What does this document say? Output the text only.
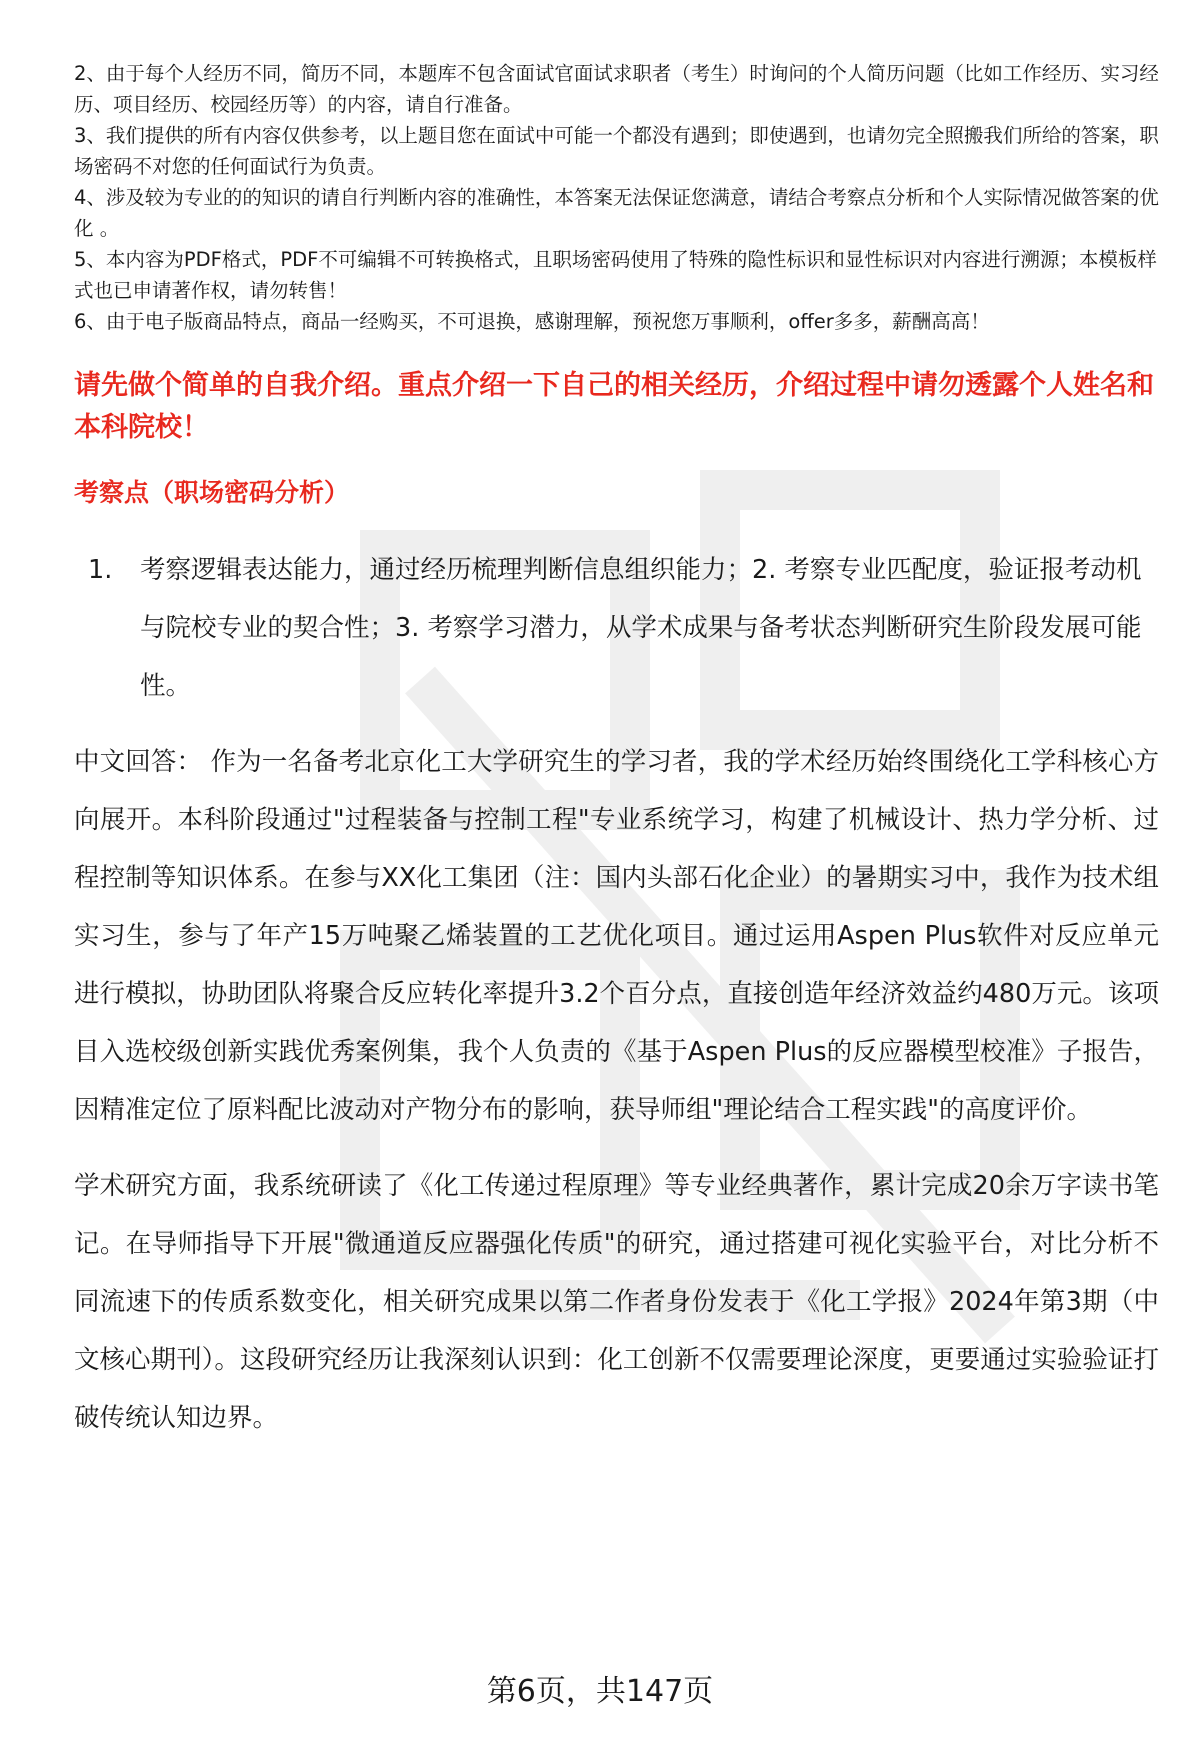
2、由于每个人经历不同，简历不同，本题库不包含面试官面试求职者（考生）时询问的个人简历问题（比如工作经历、实习经历、项目经历、校园经历等）的内容，请自行准备。

3、我们提供的所有内容仅供参考，以上题目您在面试中可能一个都没有遇到；即使遇到，也请勿完全照搬我们所给的答案，职场密码不对您的任何面试行为负责。

4、涉及较为专业的的知识的请自行判断内容的准确性，本答案无法保证您满意，请结合考察点分析和个人实际情况做答案的优化 。

5、本内容为PDF格式，PDF不可编辑不可转换格式，且职场密码使用了特殊的隐性标识和显性标识对内容进行溯源；本模板样式也已申请著作权，请勿转售！

6、由于电子版商品特点，商品一经购买，不可退换，感谢理解，预祝您万事顺利，offer多多，薪酬高高！

请先做个简单的自我介绍。重点介绍一下自己的相关经历，介绍过程中请勿透露个人姓名和本科院校！
考察点（职场密码分析）
1.	考察逻辑表达能力，通过经历梳理判断信息组织能力；2. 考察专业匹配度，验证报考动机与院校专业的契合性；3. 考察学习潜力，从学术成果与备考状态判断研究生阶段发展可能性。

中文回答： 作为一名备考北京化工大学研究生的学习者，我的学术经历始终围绕化工学科核心方向展开。本科阶段通过"过程装备与控制工程"专业系统学习，构建了机械设计、热力学分析、过程控制等知识体系。在参与XX化工集团（注：国内头部石化企业）的暑期实习中，我作为技术组实习生，参与了年产15万吨聚乙烯装置的工艺优化项目。通过运用Aspen Plus软件对反应单元进行模拟，协助团队将聚合反应转化率提升3.2个百分点，直接创造年经济效益约480万元。该项目入选校级创新实践优秀案例集，我个人负责的《基于Aspen Plus的反应器模型校准》子报告，因精准定位了原料配比波动对产物分布的影响，获导师组"理论结合工程实践"的高度评价。

学术研究方面，我系统研读了《化工传递过程原理》等专业经典著作，累计完成20余万字读书笔记。在导师指导下开展"微通道反应器强化传质"的研究，通过搭建可视化实验平台，对比分析不同流速下的传质系数变化，相关研究成果以第二作者身份发表于《化工学报》2024年第3期（中文核心期刊）。这段研究经历让我深刻认识到：化工创新不仅需要理论深度，更要通过实验验证打破传统认知边界。

第6页，共147页
